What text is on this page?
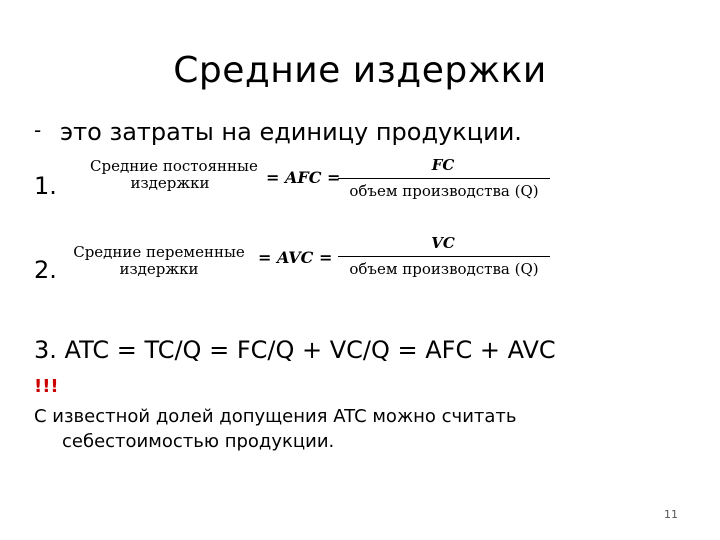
Средние издержки
- это затраты на единицу продукции.
1.
Средние постоянные
издержки	= AFC =
FC
объем производства (Q)
2.
Средние переменные
издержки
= AVC =
VC
объем производства (Q)
3. ATC = TC/Q = FC/Q + VC/Q = AFC + AVC
!!!
С известной долей допущения ATC можно считать
себестоимостью продукции.
11
